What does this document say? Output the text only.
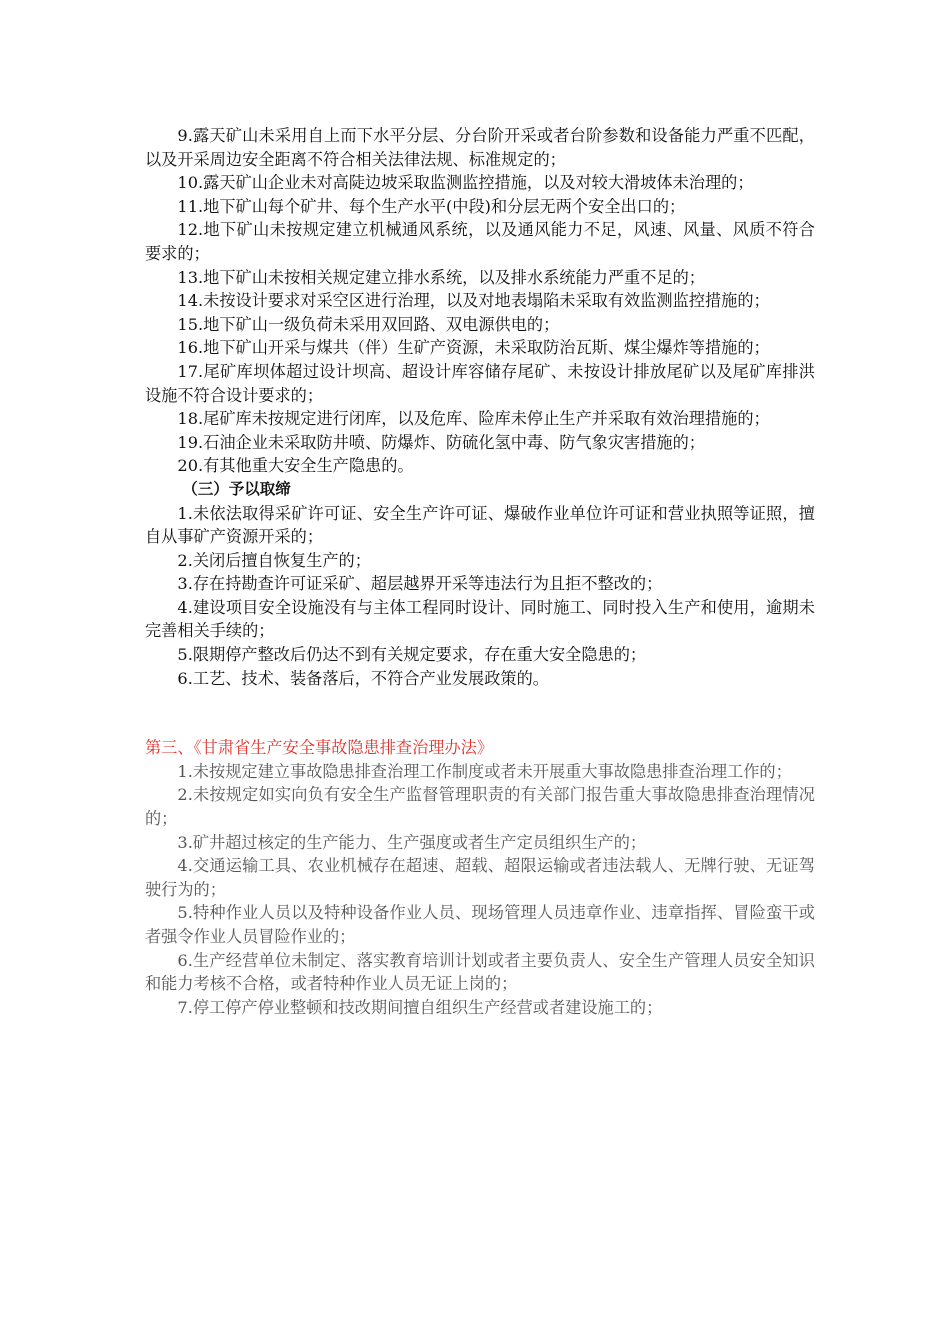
9.露天矿山未采用自上而下水平分层、分台阶开采或者台阶参数和设备能力严重不匹配，以及开采周边安全距离不符合相关法律法规、标准规定的；

10.露天矿山企业未对高陡边坡采取监测监控措施，以及对较大滑坡体未治理的；

11.地下矿山每个矿井、每个生产水平(中段)和分层无两个安全出口的；

12.地下矿山未按规定建立机械通风系统，以及通风能力不足，风速、风量、风质不符合要求的；

13.地下矿山未按相关规定建立排水系统，以及排水系统能力严重不足的；

14.未按设计要求对采空区进行治理，以及对地表塌陷未采取有效监测监控措施的；

15.地下矿山一级负荷未采用双回路、双电源供电的；

16.地下矿山开采与煤共（伴）生矿产资源，未采取防治瓦斯、煤尘爆炸等措施的；

17.尾矿库坝体超过设计坝高、超设计库容储存尾矿、未按设计排放尾矿以及尾矿库排洪设施不符合设计要求的；

18.尾矿库未按规定进行闭库，以及危库、险库未停止生产并采取有效治理措施的；

19.石油企业未采取防井喷、防爆炸、防硫化氢中毒、防气象灾害措施的；

20.有其他重大安全生产隐患的。

（三）予以取缔

1.未依法取得采矿许可证、安全生产许可证、爆破作业单位许可证和营业执照等证照，擅自从事矿产资源开采的；

2.关闭后擅自恢复生产的；

3.存在持勘查许可证采矿、超层越界开采等违法行为且拒不整改的；

4.建设项目安全设施没有与主体工程同时设计、同时施工、同时投入生产和使用，逾期未完善相关手续的；

5.限期停产整改后仍达不到有关规定要求，存在重大安全隐患的；

6.工艺、技术、装备落后，不符合产业发展政策的。

第三、《甘肃省生产安全事故隐患排查治理办法》

1.未按规定建立事故隐患排查治理工作制度或者未开展重大事故隐患排查治理工作的；

2.未按规定如实向负有安全生产监督管理职责的有关部门报告重大事故隐患排查治理情况的；

3.矿井超过核定的生产能力、生产强度或者生产定员组织生产的；

4.交通运输工具、农业机械存在超速、超载、超限运输或者违法载人、无牌行驶、无证驾驶行为的；

5.特种作业人员以及特种设备作业人员、现场管理人员违章作业、违章指挥、冒险蛮干或者强令作业人员冒险作业的；

6.生产经营单位未制定、落实教育培训计划或者主要负责人、安全生产管理人员安全知识和能力考核不合格，或者特种作业人员无证上岗的；

7.停工停产停业整顿和技改期间擅自组织生产经营或者建设施工的；
